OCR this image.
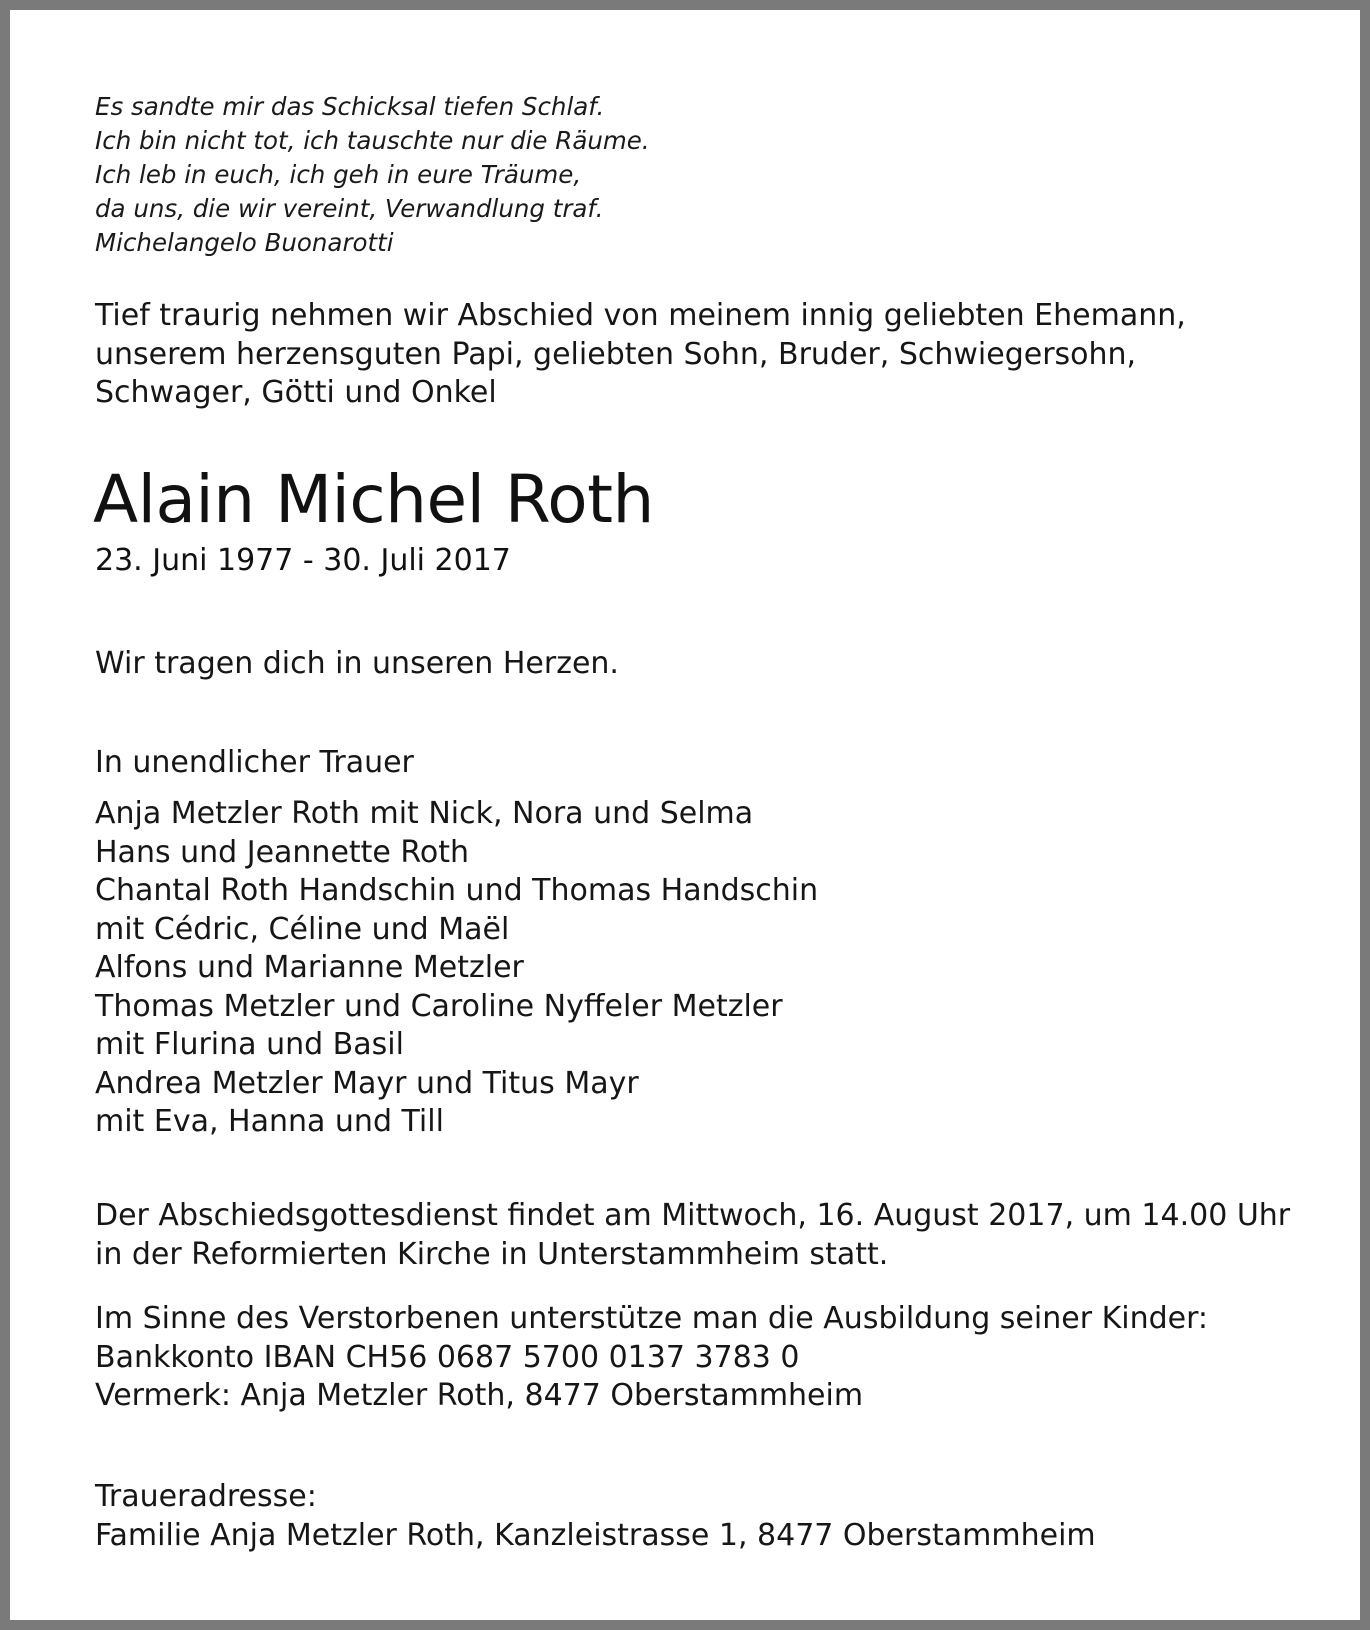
Es sandte mir das Schicksal tiefen Schlaf.
Ich bin nicht tot, ich tauschte nur die Räume.
Ich leb in euch, ich geh in eure Träume,
da uns, die wir vereint, Verwandlung traf.
Michelangelo Buonarotti
Tief traurig nehmen wir Abschied von meinem innig geliebten Ehemann,
unserem herzensguten Papi, geliebten Sohn, Bruder, Schwiegersohn,
Schwager, Götti und Onkel
Alain Michel Roth
23. Juni 1977 - 30. Juli 2017
Wir tragen dich in unseren Herzen.
In unendlicher Trauer
Anja Metzler Roth mit Nick, Nora und Selma
Hans und Jeannette Roth
Chantal Roth Handschin und Thomas Handschin
mit Cédric, Céline und Maël
Alfons und Marianne Metzler
Thomas Metzler und Caroline Nyffeler Metzler
mit Flurina und Basil
Andrea Metzler Mayr und Titus Mayr
mit Eva, Hanna und Till
Der Abschiedsgottesdienst findet am Mittwoch, 16. August 2017, um 14.00 Uhr
in der Reformierten Kirche in Unterstammheim statt.
Im Sinne des Verstorbenen unterstütze man die Ausbildung seiner Kinder:
Bankkonto IBAN CH56 0687 5700 0137 3783 0
Vermerk: Anja Metzler Roth, 8477 Oberstammheim
Traueradresse:
Familie Anja Metzler Roth, Kanzleistrasse 1, 8477 Oberstammheim
